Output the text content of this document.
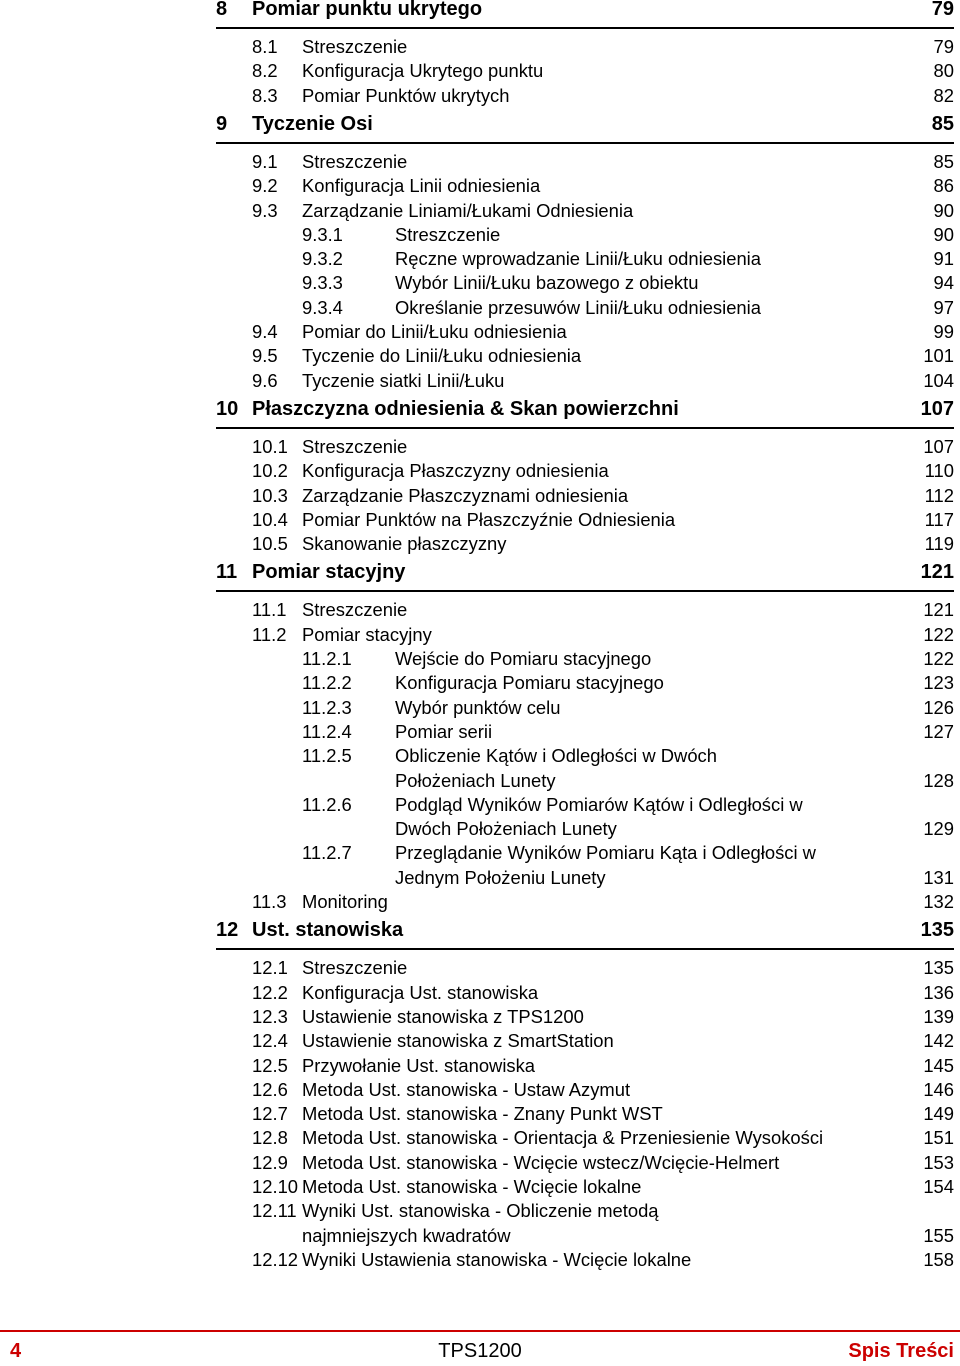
8 Pomiar punktu ukrytego	79
8.1 Streszczenie	79
8.2 Konfiguracja Ukrytego punktu	80
8.3 Pomiar Punktów ukrytych	82
9 Tyczenie Osi	85
9.1 Streszczenie	85
9.2 Konfiguracja Linii odniesienia	86
9.3 Zarządzanie Liniami/Łukami Odniesienia	90
9.3.1	Streszczenie	90
9.3.2	Ręczne wprowadzanie Linii/Łuku odniesienia	91
9.3.3	Wybór Linii/Łuku bazowego z obiektu	94
9.3.4	Określanie przesuwów Linii/Łuku odniesienia	97
9.4 Pomiar do Linii/Łuku odniesienia	99
9.5 Tyczenie do Linii/Łuku odniesienia	101
9.6 Tyczenie siatki Linii/Łuku	104
10 Płaszczyzna odniesienia & Skan powierzchni	107
10.1 Streszczenie	107
10.2 Konfiguracja Płaszczyzny odniesienia	110
10.3 Zarządzanie Płaszczyznami odniesienia	112
10.4 Pomiar Punktów na Płaszczyźnie Odniesienia	117
10.5 Skanowanie płaszczyzny	119
11 Pomiar stacyjny	121
11.1 Streszczenie	121
11.2 Pomiar stacyjny	122
11.2.1 Wejście do Pomiaru stacyjnego	122
11.2.2 Konfiguracja Pomiaru stacyjnego	123
11.2.3 Wybór punktów celu	126
11.2.4 Pomiar serii	127
11.2.5 Obliczenie Kątów i Odległości w Dwóch
Położeniach Lunety	128
11.2.6 Podgląd Wyników Pomiarów Kątów i Odległości w
Dwóch Położeniach Lunety	129
11.2.7 Przeglądanie Wyników Pomiaru Kąta i Odległości w
Jednym Położeniu Lunety	131
11.3 Monitoring	132
12 Ust. stanowiska	135
12.1 Streszczenie	135
12.2 Konfiguracja Ust. stanowiska	136
12.3 Ustawienie stanowiska z TPS1200	139
12.4 Ustawienie stanowiska z SmartStation	142
12.5 Przywołanie Ust. stanowiska	145
12.6 Metoda Ust. stanowiska - Ustaw Azymut	146
12.7 Metoda Ust. stanowiska - Znany Punkt WST	149
12.8 Metoda Ust. stanowiska - Orientacja & Przeniesienie Wysokości	151
12.9 Metoda Ust. stanowiska - Wcięcie wstecz/Wcięcie-Helmert	153
12.10 Metoda Ust. stanowiska - Wcięcie lokalne	154
12.11 Wyniki Ust. stanowiska - Obliczenie metodą
najmniejszych kwadratów	155
12.12 Wyniki Ustawienia stanowiska - Wcięcie lokalne	158
4	TPS1200	Spis Treści
